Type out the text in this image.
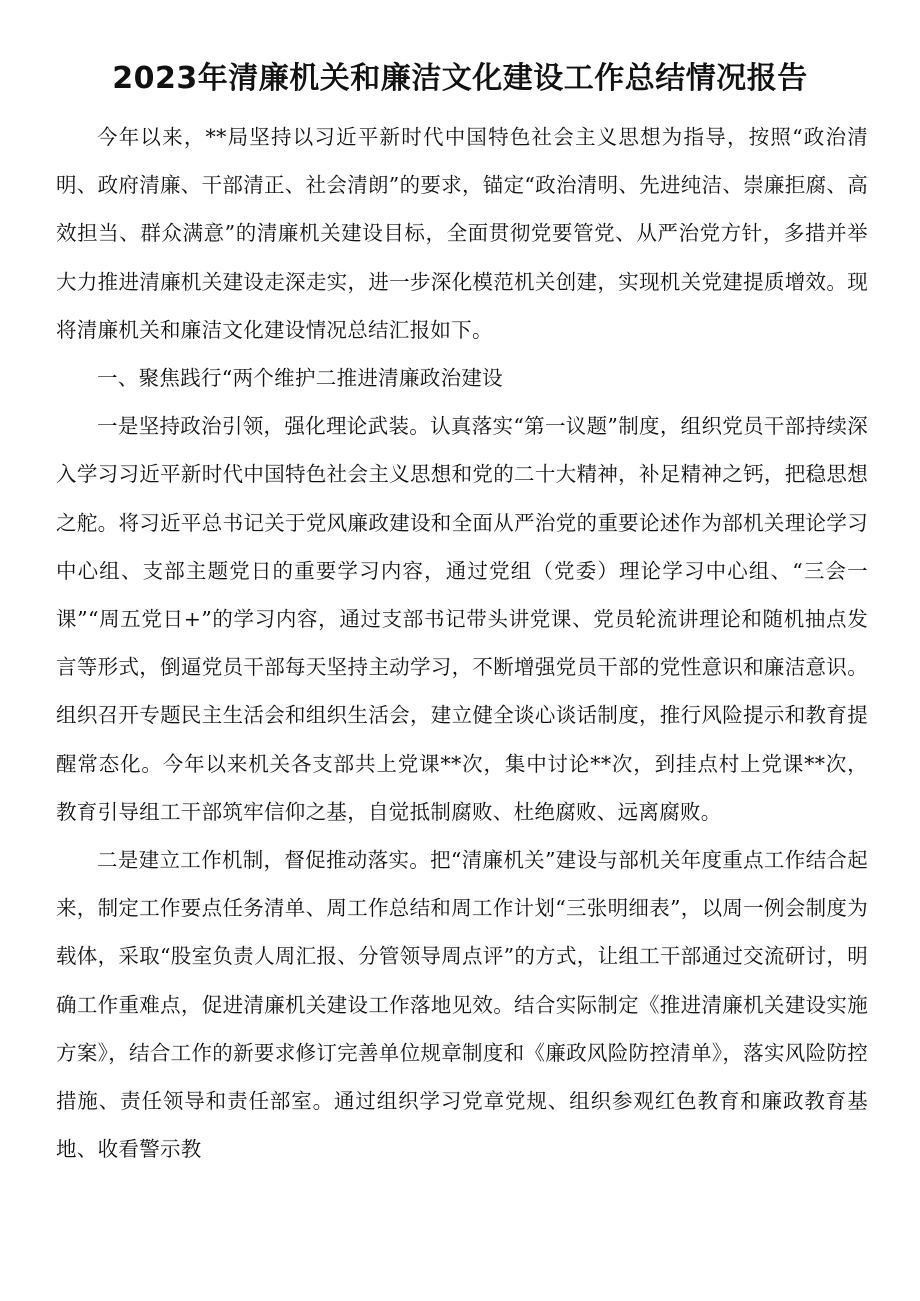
2023年清廉机关和廉洁文化建设工作总结情况报告

今年以来，**局坚持以习近平新时代中国特色社会主义思想为指导，按照“政治清明、政府清廉、干部清正、社会清朗”的要求，锚定“政治清明、先进纯洁、崇廉拒腐、高效担当、群众满意”的清廉机关建设目标，全面贯彻党要管党、从严治党方针，多措并举大力推进清廉机关建设走深走实，进一步深化模范机关创建，实现机关党建提质增效。现将清廉机关和廉洁文化建设情况总结汇报如下。

一、聚焦践行“两个维护二推进清廉政治建设

一是坚持政治引领，强化理论武装。认真落实“第一议题”制度，组织党员干部持续深入学习习近平新时代中国特色社会主义思想和党的二十大精神，补足精神之钙，把稳思想之舵。将习近平总书记关于党风廉政建设和全面从严治党的重要论述作为部机关理论学习中心组、支部主题党日的重要学习内容，通过党组（党委）理论学习中心组、“三会一课”“周五党日+”的学习内容，通过支部书记带头讲党课、党员轮流讲理论和随机抽点发言等形式，倒逼党员干部每天坚持主动学习，不断增强党员干部的党性意识和廉洁意识。组织召开专题民主生活会和组织生活会，建立健全谈心谈话制度，推行风险提示和教育提醒常态化。今年以来机关各支部共上党课**次，集中讨论**次，到挂点村上党课**次，教育引导组工干部筑牢信仰之基，自觉抵制腐败、杜绝腐败、远离腐败。

二是建立工作机制，督促推动落实。把“清廉机关”建设与部机关年度重点工作结合起来，制定工作要点任务清单、周工作总结和周工作计划“三张明细表”，以周一例会制度为载体，采取“股室负责人周汇报、分管领导周点评”的方式，让组工干部通过交流研讨，明确工作重难点，促进清廉机关建设工作落地见效。结合实际制定《推进清廉机关建设实施方案》，结合工作的新要求修订完善单位规章制度和《廉政风险防控清单》，落实风险防控措施、责任领导和责任部室。通过组织学习党章党规、组织参观红色教育和廉政教育基地、收看警示教
